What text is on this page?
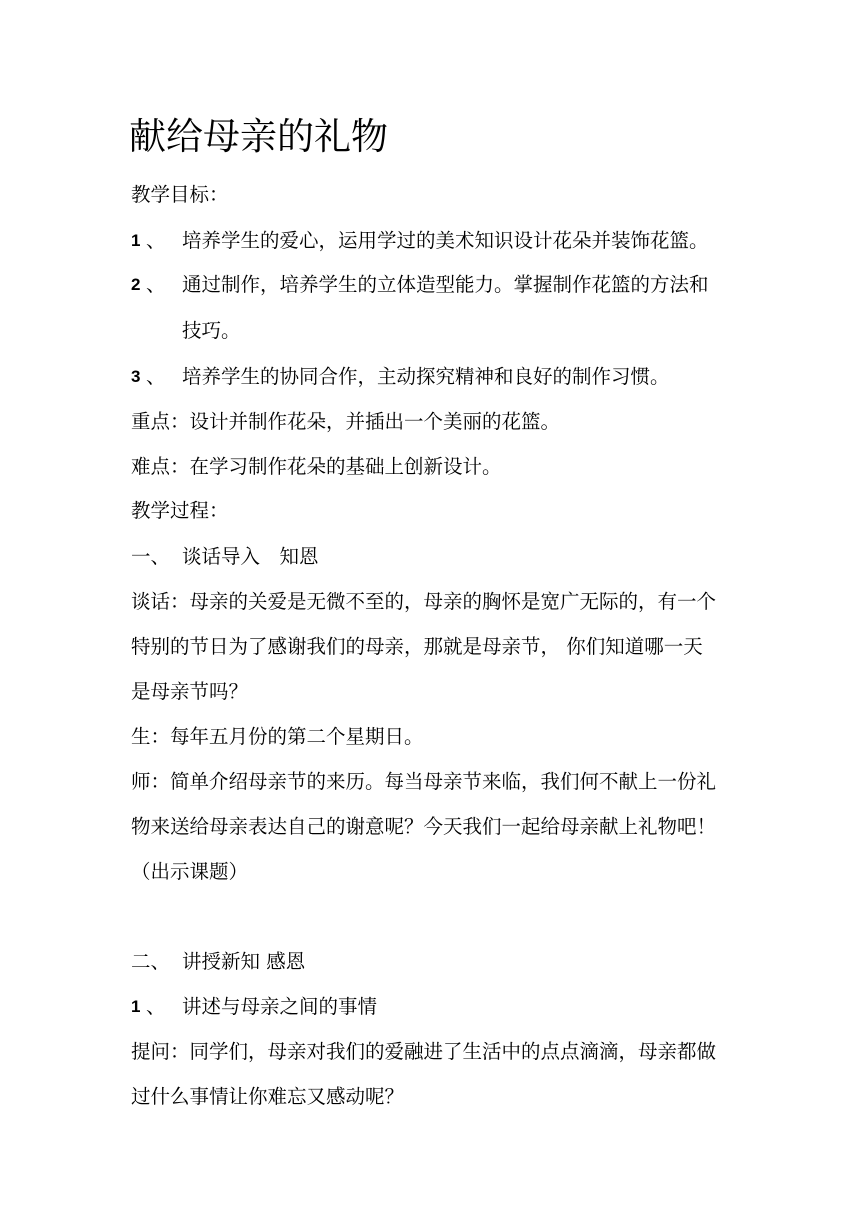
献给母亲的礼物
教学目标：
1 、 培养学生的爱心，运用学过的美术知识设计花朵并装饰花篮。
2 、 通过制作，培养学生的立体造型能力。掌握制作花篮的方法和
技巧。
3 、 培养学生的协同合作，主动探究精神和良好的制作习惯。
重点：设计并制作花朵，并插出一个美丽的花篮。
难点：在学习制作花朵的基础上创新设计。
教学过程：
一、 谈话导入　知恩
谈话：母亲的关爱是无微不至的，母亲的胸怀是宽广无际的，有一个
特别的节日为了感谢我们的母亲，那就是母亲节， 你们知道哪一天
是母亲节吗？
生：每年五月份的第二个星期日。
师：简单介绍母亲节的来历。每当母亲节来临，我们何不献上一份礼
物来送给母亲表达自己的谢意呢？今天我们一起给母亲献上礼物吧！
（出示课题）
二、 讲授新知 感恩
1 、 讲述与母亲之间的事情
提问：同学们，母亲对我们的爱融进了生活中的点点滴滴，母亲都做
过什么事情让你难忘又感动呢？
